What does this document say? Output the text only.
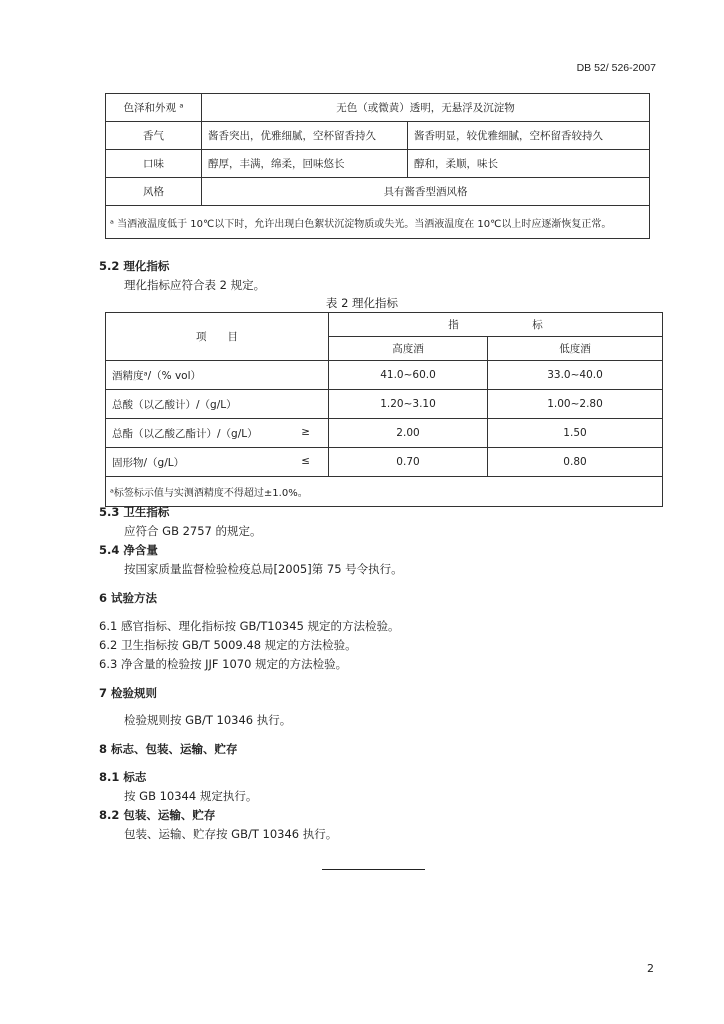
DB 52/ 526-2007
色泽和外观 ᵃ	无色（或微黄）透明，无悬浮及沉淀物	
香气	酱香突出，优雅细腻，空杯留香持久	酱香明显，较优雅细腻，空杯留香较持久
口味	醇厚，丰满，绵柔，回味悠长	醇和，柔顺，味长
风格	具有酱香型酒风格	
ᵃ 当酒液温度低于 10℃以下时，允许出现白色絮状沉淀物质或失光。当酒液温度在 10℃以上时应逐渐恢复正常。		
5.2 理化指标
理化指标应符合表 2 规定。
表 2 理化指标
项　　目	指　　　　　　　标	
	高度酒	低度酒
酒精度ᵃ/（% vol）	41.0~60.0	33.0~40.0
总酸（以乙酸计）/（g/L）	1.20~3.10	1.00~2.80
总酯（以乙酸乙酯计）/（g/L） ≥	2.00	1.50
固形物/（g/L） ≤	0.70	0.80
ᵃ标签标示值与实测酒精度不得超过±1.0%。		
5.3 卫生指标
应符合 GB 2757 的规定。
5.4 净含量
按国家质量监督检验检疫总局[2005]第 75 号令执行。
6 试验方法
6.1 感官指标、理化指标按 GB/T10345 规定的方法检验。
6.2 卫生指标按 GB/T 5009.48 规定的方法检验。
6.3 净含量的检验按 JJF 1070 规定的方法检验。
7 检验规则
检验规则按 GB/T 10346 执行。
8 标志、包装、运输、贮存
8.1 标志
按 GB 10344 规定执行。
8.2 包装、运输、贮存
包装、运输、贮存按 GB/T 10346 执行。
2
